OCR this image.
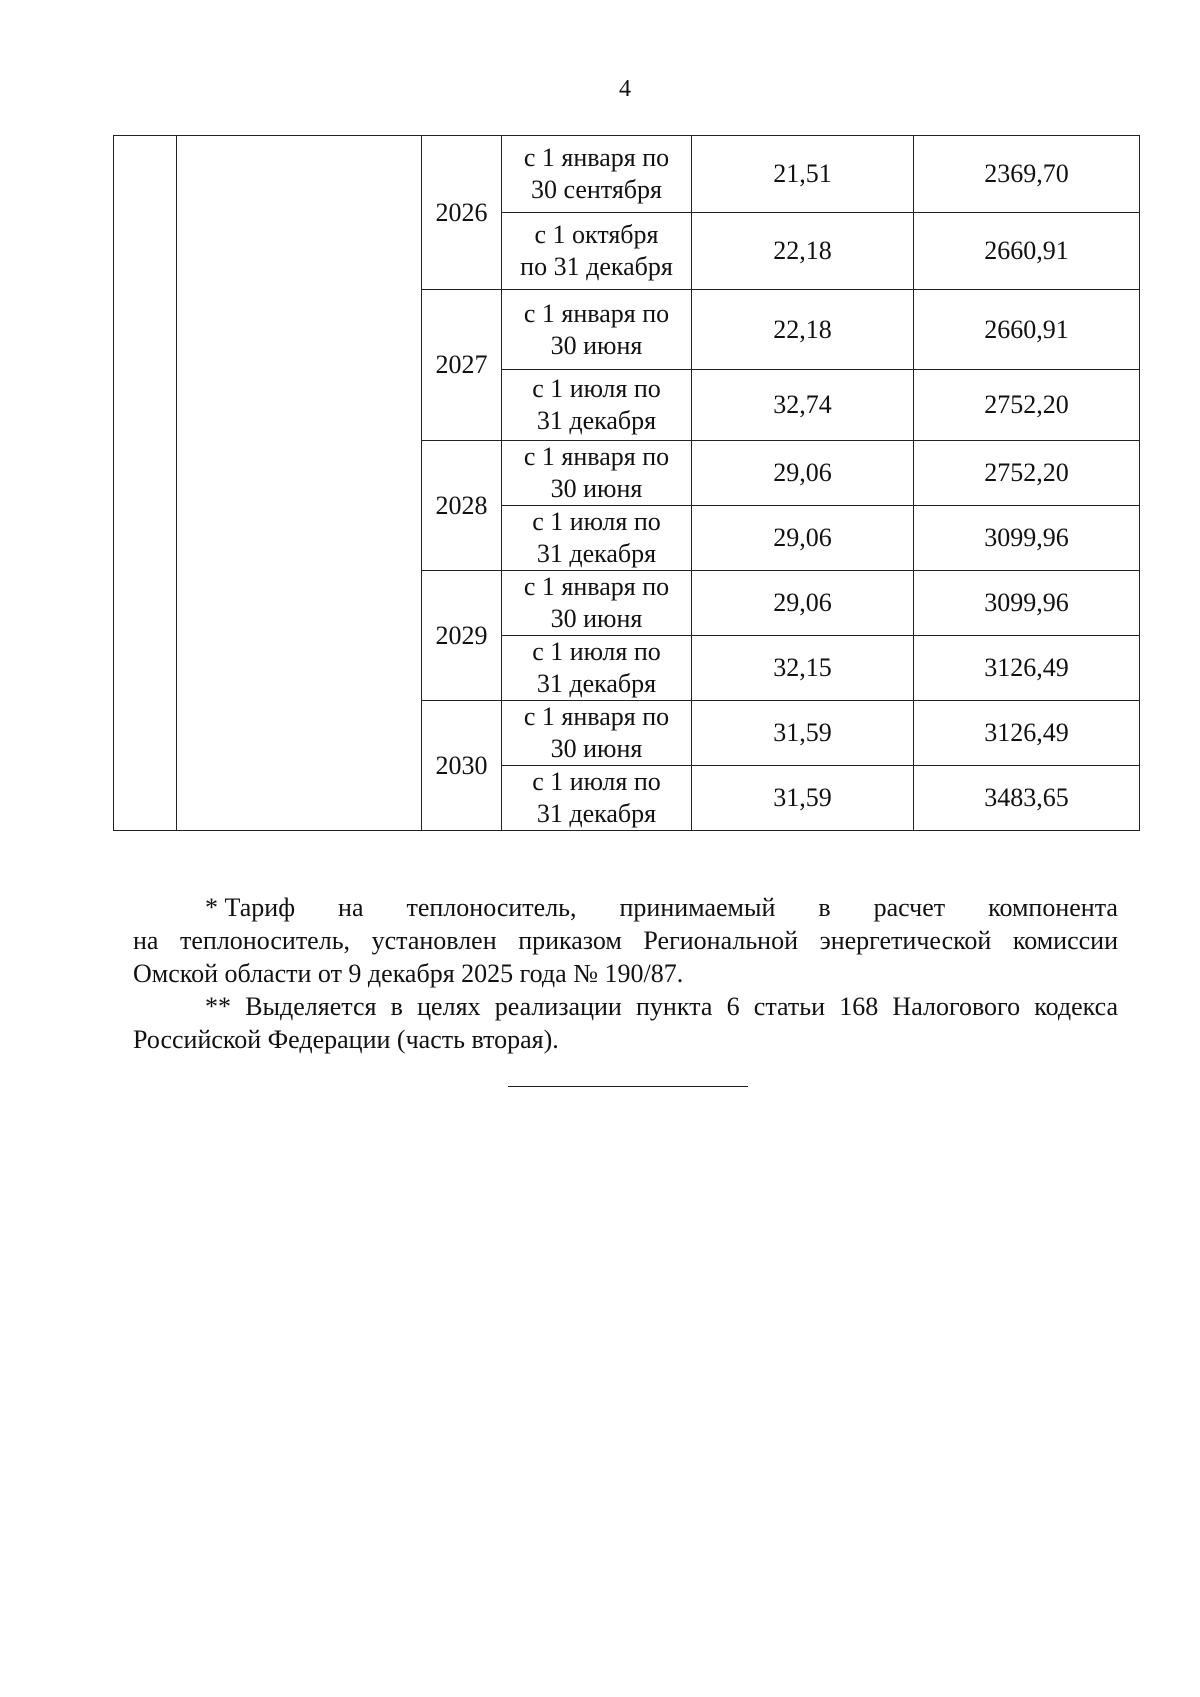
4
		2026	с 1 января по
30 сентября	21,51	2369,70

			с 1 октября
по 31 декабря	22,18	2660,91
		2027	с 1 января по
30 июня	22,18	2660,91

			с 1 июля по
31 декабря	32,74	2752,20
		2028	с 1 января по
30 июня	29,06	2752,20

			с 1 июля по
31 декабря	29,06	3099,96
		2029	с 1 января по
30 июня	29,06	3099,96

			с 1 июля по
31 декабря	32,15	3126,49
		2030	с 1 января по
30 июня	31,59	3126,49

			с 1 июля по
31 декабря	31,59	3483,65
* Тариф на теплоноситель, принимаемый в расчет компонента

на теплоноситель, установлен приказом Региональной энергетической комиссии Омской области от 9 декабря 2025 года № 190/87.

** Выделяется в целях реализации пункта 6 статьи 168 Налогового кодекса Российской Федерации (часть вторая).
